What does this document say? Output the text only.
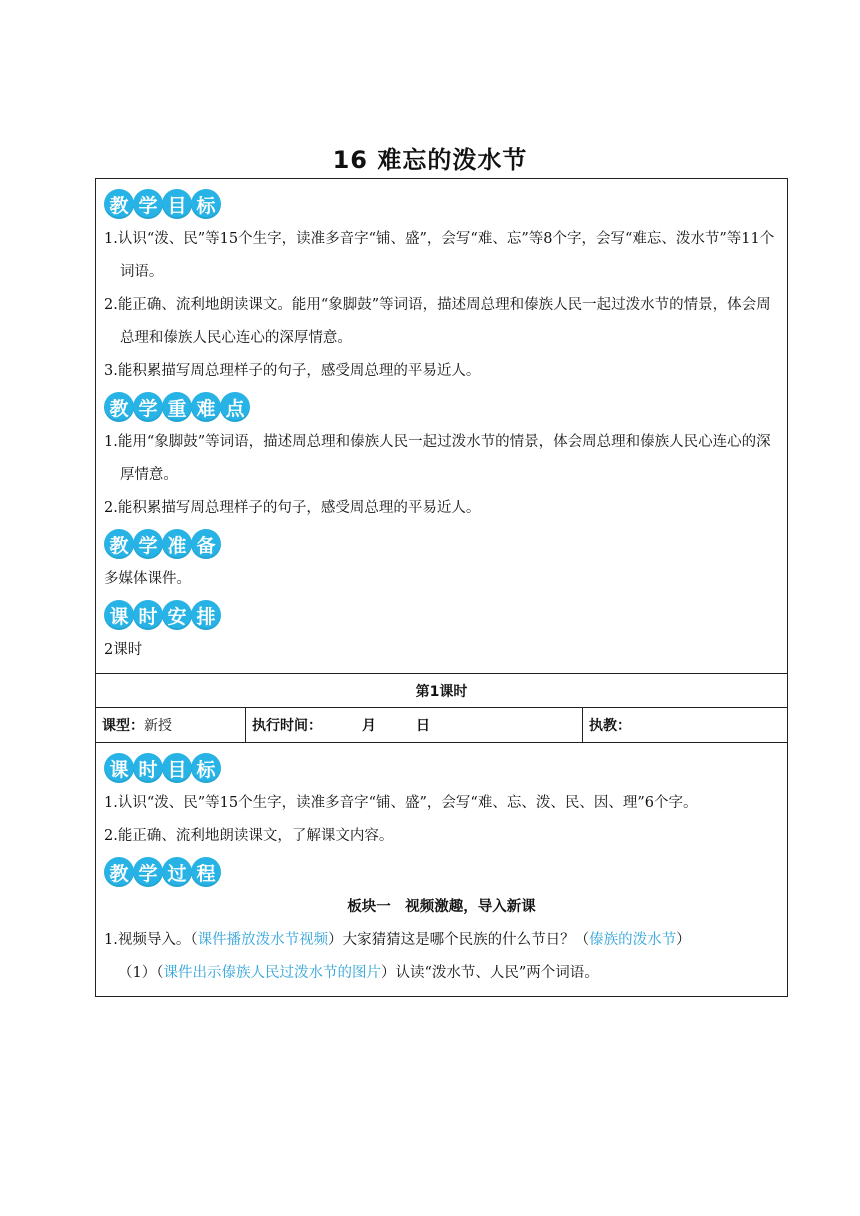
16 难忘的泼水节
教 学 目 标

1.认识“泼、民”等15个生字，读准多音字“铺、盛”，会写“难、忘”等8个字，会写“难忘、泼水节”等11个词语。

2.能正确、流利地朗读课文。能用“象脚鼓”等词语，描述周总理和傣族人民一起过泼水节的情景，体会周总理和傣族人民心连心的深厚情意。

3.能积累描写周总理样子的句子，感受周总理的平易近人。

教 学 重 难 点

1.能用“象脚鼓”等词语，描述周总理和傣族人民一起过泼水节的情景，体会周总理和傣族人民心连心的深厚情意。

2.能积累描写周总理样子的句子，感受周总理的平易近人。

教 学 准 备

多媒体课件。

课 时 安 排

2课时

第1课时
课型： 新授	执行时间：	月	日	执教：
课 时 目 标

1.认识“泼、民”等15个生字，读准多音字“铺、盛”，会写“难、忘、泼、民、因、理”6个字。

2.能正确、流利地朗读课文，了解课文内容。

教 学 过 程

板块一　视频激趣，导入新课

1.视频导入。（课件播放泼水节视频）大家猜猜这是哪个民族的什么节日？（傣族的泼水节）

（1）（课件出示傣族人民过泼水节的图片）认读“泼水节、人民”两个词语。
